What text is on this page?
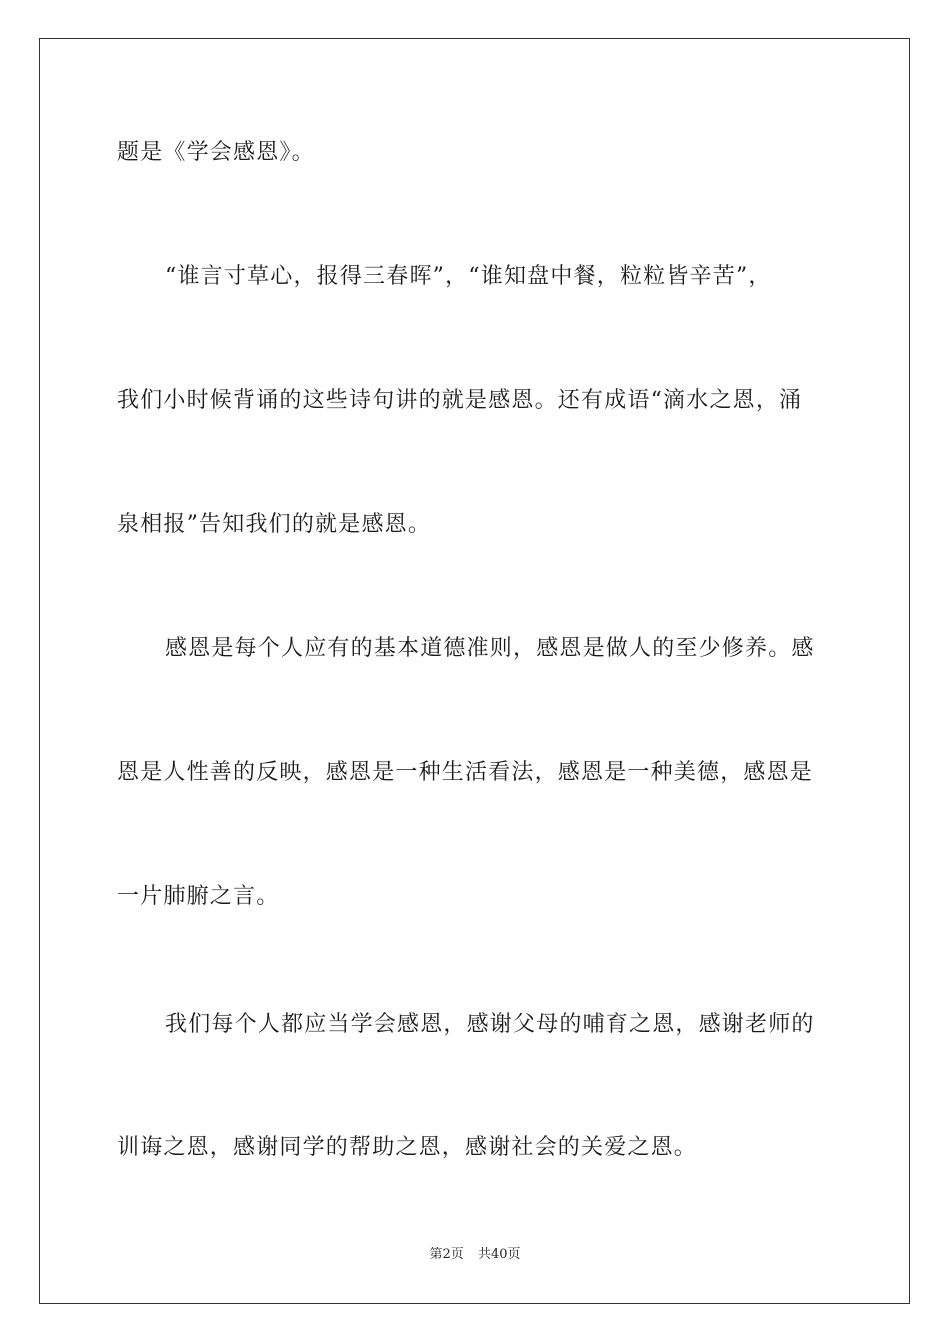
题是《学会感恩》。
“谁言寸草心，报得三春晖”，“谁知盘中餐，粒粒皆辛苦”，
我们小时候背诵的这些诗句讲的就是感恩。还有成语“滴水之恩，涌
泉相报”告知我们的就是感恩。
感恩是每个人应有的基本道德准则，感恩是做人的至少修养。感
恩是人性善的反映，感恩是一种生活看法，感恩是一种美德，感恩是
一片肺腑之言。
我们每个人都应当学会感恩，感谢父母的哺育之恩，感谢老师的
训诲之恩，感谢同学的帮助之恩，感谢社会的关爱之恩。
第2页 共40页
